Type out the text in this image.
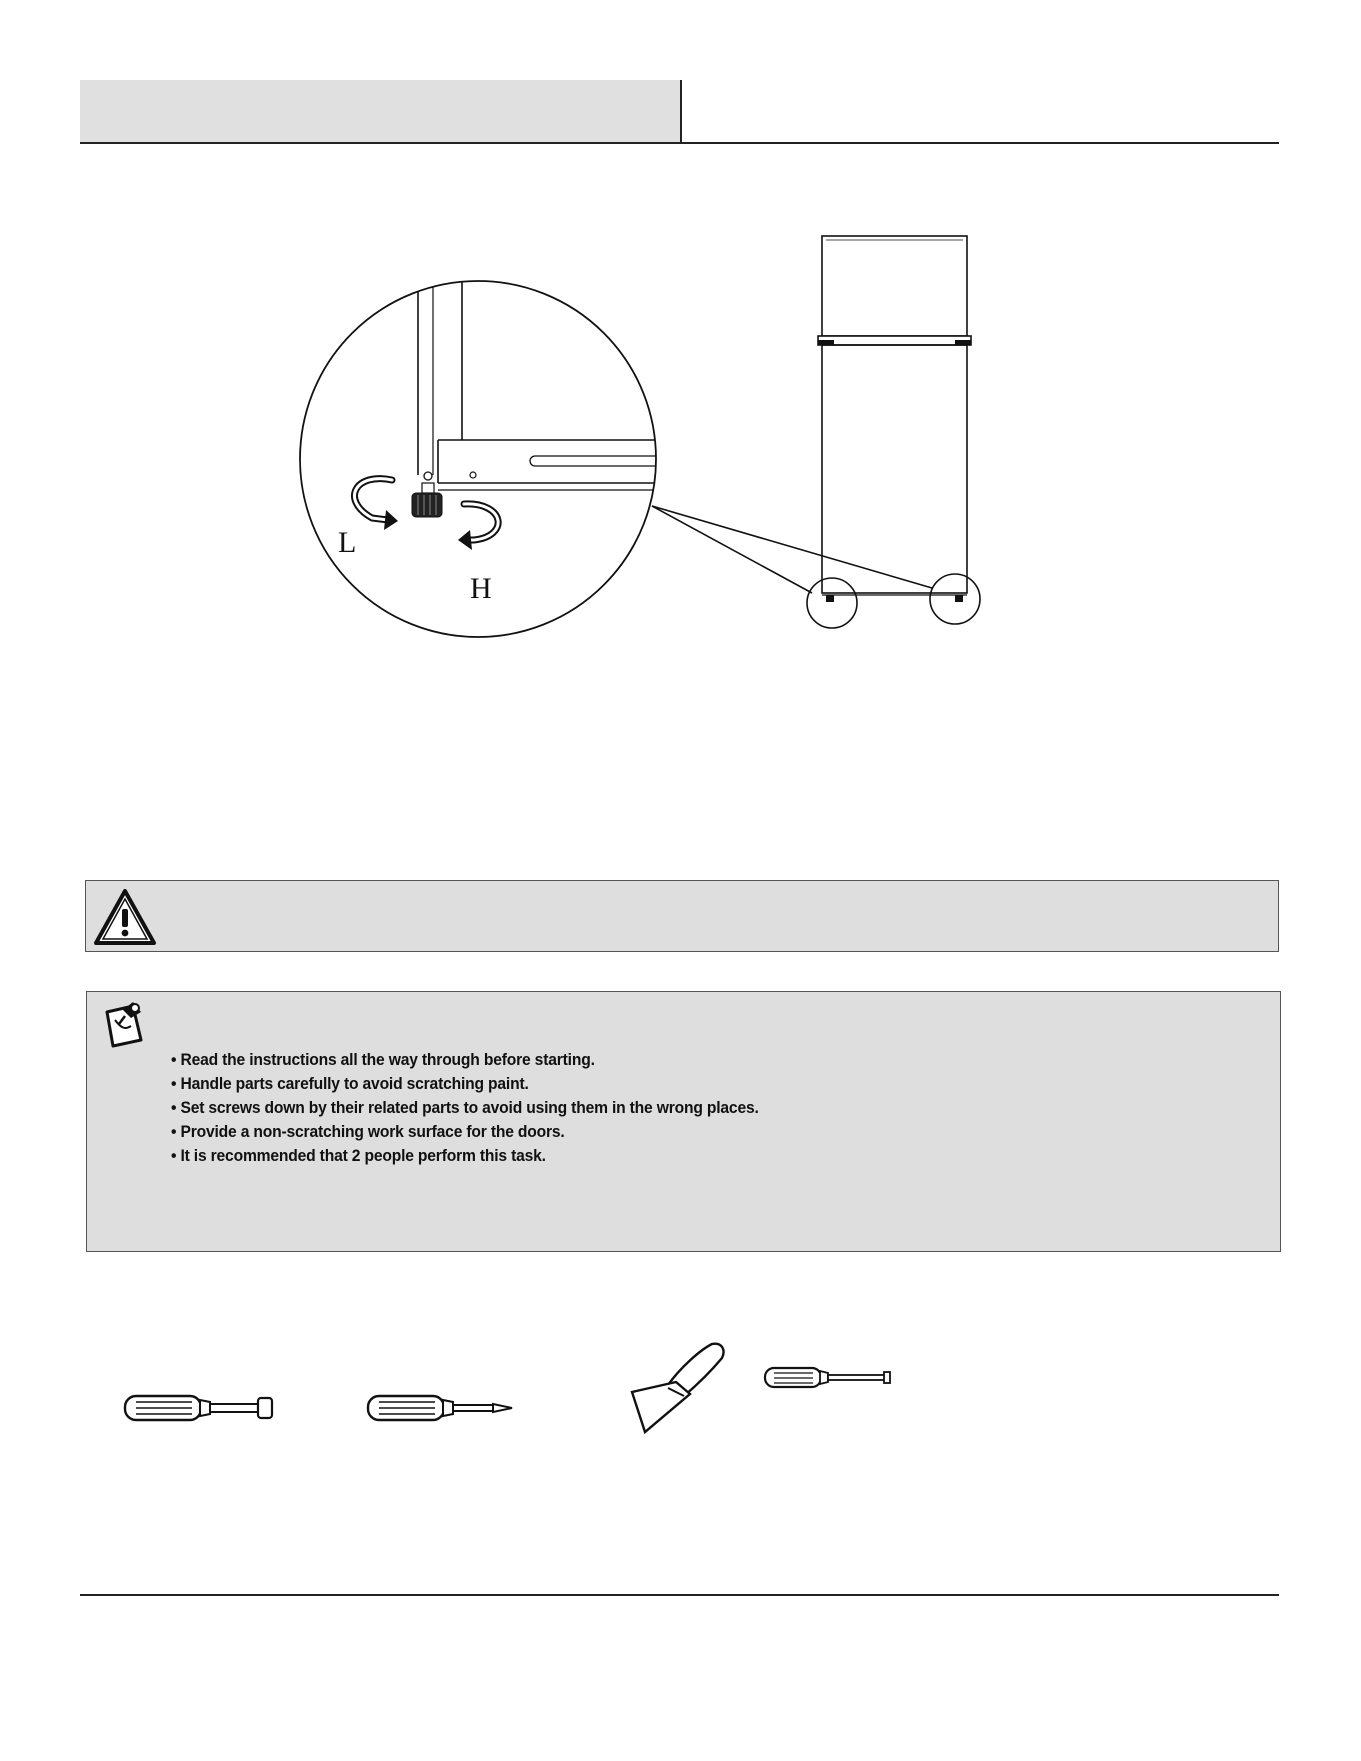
L
H
• Read the instructions all the way through before starting.
• Handle parts carefully to avoid scratching paint.
• Set screws down by their related parts to avoid using them in the wrong places.
• Provide a non-scratching work surface for the doors.
• It is recommended that 2 people perform this task.
